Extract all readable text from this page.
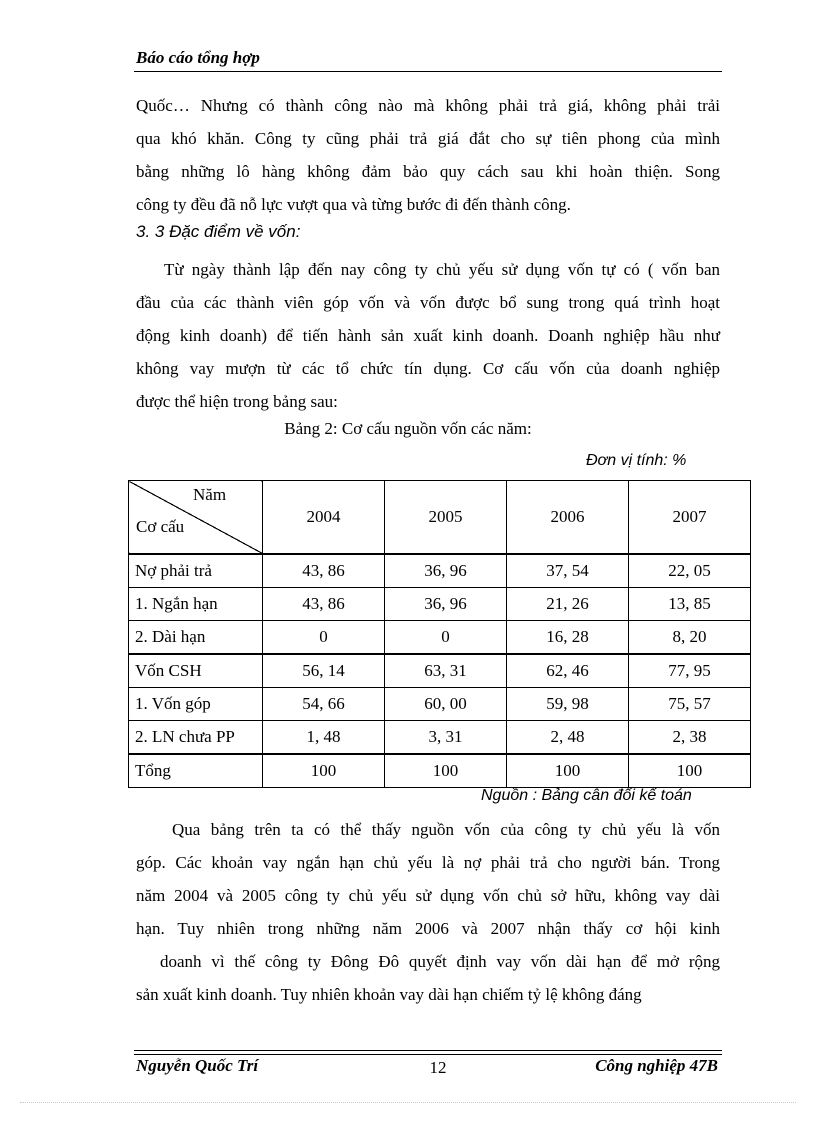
Báo cáo tổng hợp
Quốc… Nhưng có thành công nào mà không phải trả giá, không phải trải
qua khó khăn. Công ty cũng phải trả giá đắt cho sự tiên phong của mình
bằng những lô hàng không đảm bảo quy cách sau khi hoàn thiện. Song
công ty đều đã nỗ lực vượt qua và từng bước đi đến thành công.
3. 3 Đặc điểm về vốn:
Từ ngày thành lập đến nay công ty chủ yếu sử dụng vốn tự có ( vốn ban
đầu của các thành viên góp vốn và vốn được bổ sung trong quá trình hoạt
động kinh doanh) để tiến hành sản xuất kinh doanh. Doanh nghiệp hầu như
không vay mượn từ các tổ chức tín dụng. Cơ cấu vốn của doanh nghiệp
được thể hiện trong bảng sau:
Bảng 2: Cơ cấu nguồn vốn các năm:
Đơn vị tính: %
Năm
Cơ cấu	2004	2005	2006	2007
Nợ phải trả	43, 86	36, 96	37, 54	22, 05
1. Ngắn hạn	43, 86	36, 96	21, 26	13, 85
2. Dài hạn	0	0	16, 28	8, 20
Vốn CSH	56, 14	63, 31	62, 46	77, 95
1. Vốn góp	54, 66	60, 00	59, 98	75, 57
2. LN chưa PP	1, 48	3, 31	2, 48	2, 38
Tổng	100	100	100	100
Nguồn : Bảng cân đối kế toán
Qua bảng trên ta có thể thấy nguồn vốn của công ty chủ yếu là vốn
góp. Các khoản vay ngắn hạn chủ yếu là nợ phải trả cho người bán. Trong
năm 2004 và 2005 công ty chủ yếu sử dụng vốn chủ sở hữu, không vay dài
hạn. Tuy nhiên trong những năm 2006 và 2007 nhận thấy cơ hội kinh
doanh vì thế công ty Đông Đô quyết định vay vốn dài hạn để mở rộng
sản xuất kinh doanh. Tuy nhiên khoản vay dài hạn chiếm tỷ lệ không đáng
Nguyễn Quốc Trí	12	Công nghiệp 47B
